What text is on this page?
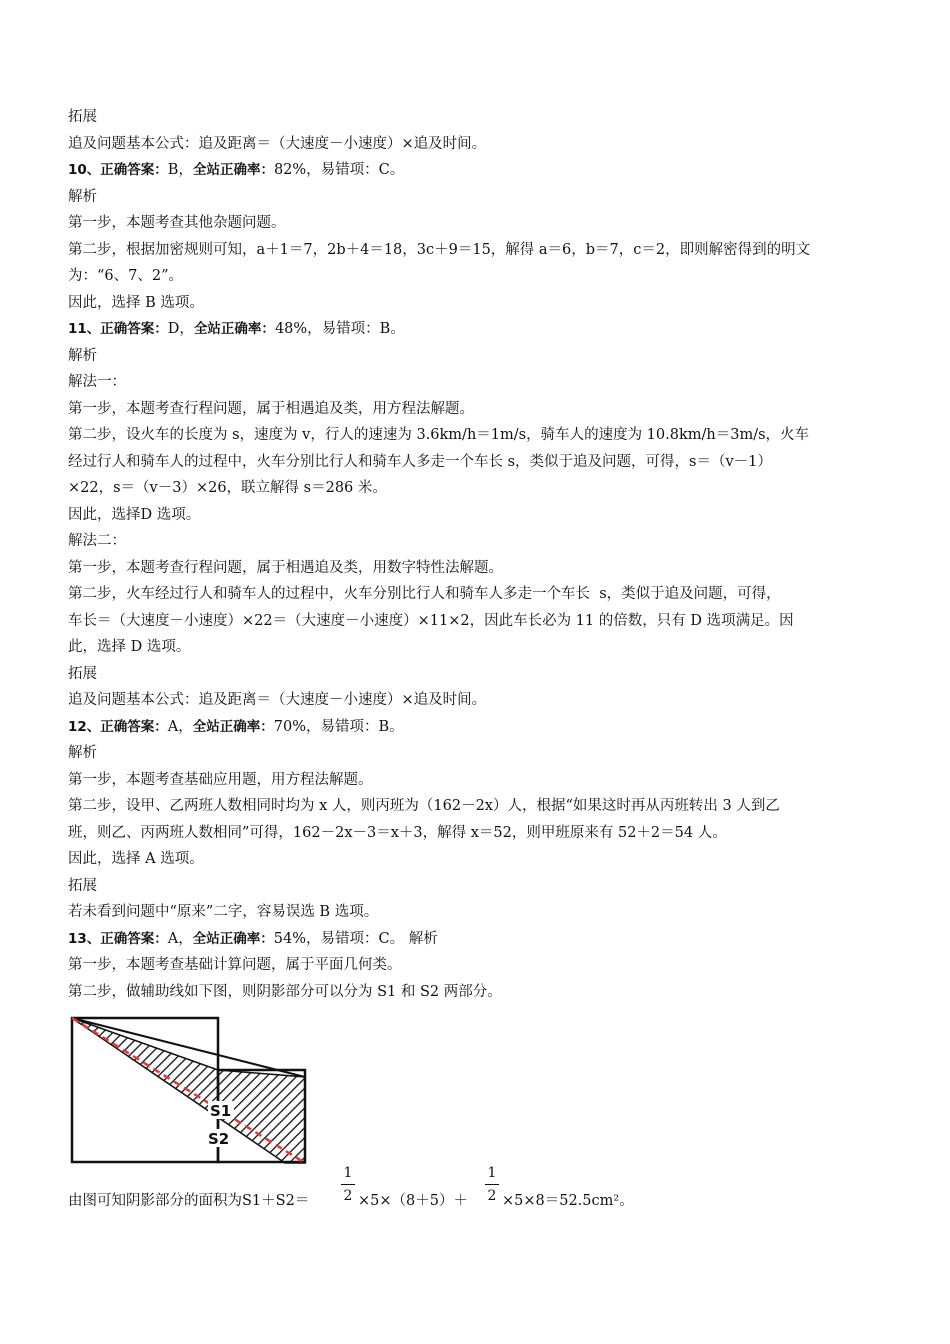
拓展

追及问题基本公式：追及距离＝（大速度－小速度）×追及时间。

10、正确答案：B，全站正确率：82%，易错项：C。

解析

第一步，本题考查其他杂题问题。

第二步，根据加密规则可知，a＋1＝7，2b＋4＝18，3c＋9＝15，解得 a＝6，b＝7，c＝2，即则解密得到的明文

为：“6、7、2”。

因此，选择 B 选项。

11、正确答案：D，全站正确率：48%，易错项：B。

解析

解法一：

第一步，本题考查行程问题，属于相遇追及类，用方程法解题。

第二步，设火车的长度为 s，速度为 v，行人的速速为 3.6km/h＝1m/s，骑车人的速度为 10.8km/h＝3m/s，火车

经过行人和骑车人的过程中，火车分别比行人和骑车人多走一个车长 s，类似于追及问题，可得，s＝（v－1）

×22，s＝（v－3）×26，联立解得 s＝286 米。

因此，选择D 选项。

解法二：

第一步，本题考查行程问题，属于相遇追及类，用数字特性法解题。

第二步，火车经过行人和骑车人的过程中，火车分别比行人和骑车人多走一个车长  s，类似于追及问题，可得，

车长＝（大速度－小速度）×22＝（大速度－小速度）×11×2，因此车长必为 11 的倍数，只有 D 选项满足。因

此，选择 D 选项。

拓展

追及问题基本公式：追及距离＝（大速度－小速度）×追及时间。

12、正确答案：A，全站正确率：70%，易错项：B。

解析

第一步，本题考查基础应用题，用方程法解题。

第二步，设甲、乙两班人数相同时均为 x 人，则丙班为（162－2x）人，根据“如果这时再从丙班转出 3 人到乙

班，则乙、丙两班人数相同”可得，162－2x－3＝x＋3，解得 x＝52，则甲班原来有 52＋2＝54 人。

因此，选择 A 选项。

拓展

若未看到问题中“原来”二字，容易误选 B 选项。

13、正确答案：A，全站正确率：54%，易错项：C。 解析

第一步，本题考查基础计算问题，属于平面几何类。

第二步，做辅助线如下图，则阴影部分可以分为 S1 和 S2 两部分。

S1
S2
由图可知阴影部分的面积为S1＋S2＝
1
2 ×5×（8＋5）＋
1
2 ×5×8＝52.5cm²。
